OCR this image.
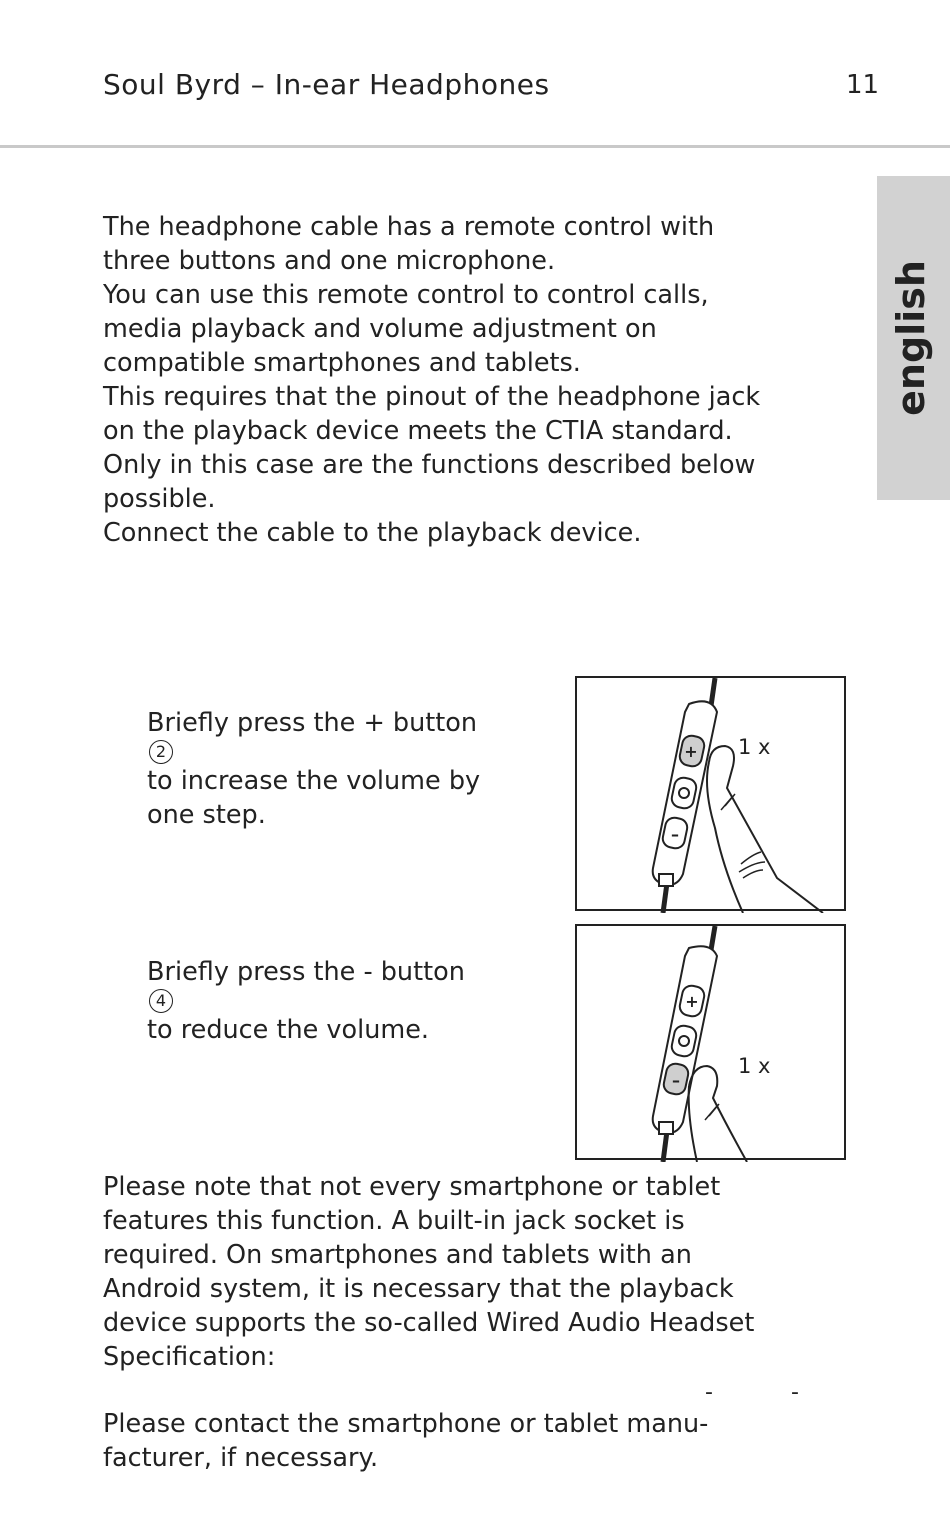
Soul Byrd – In-ear Headphones	11
english

The headphone cable has a remote control with
three buttons and one microphone.
You can use this remote control to control calls,
media playback and volume adjustment on
compatible smartphones and tablets.
This requires that the pinout of the headphone jack
on the playback device meets the CTIA standard.
Only in this case are the functions described below
possible.
Connect the cable to the playback device.

Briefly press the + button
2
to increase the volume by
one step.

+
–
1 x

Briefly press the - button
4
to reduce the volume.

+
–
1 x

Please note that not every smartphone or tablet
features this function. A built-in jack socket is
required. On smartphones and tablets with an
Android system, it is necessary that the playback
device supports the so-called Wired Audio Headset
Specification:

-	-

Please contact the smartphone or tablet manu-
facturer, if necessary.
